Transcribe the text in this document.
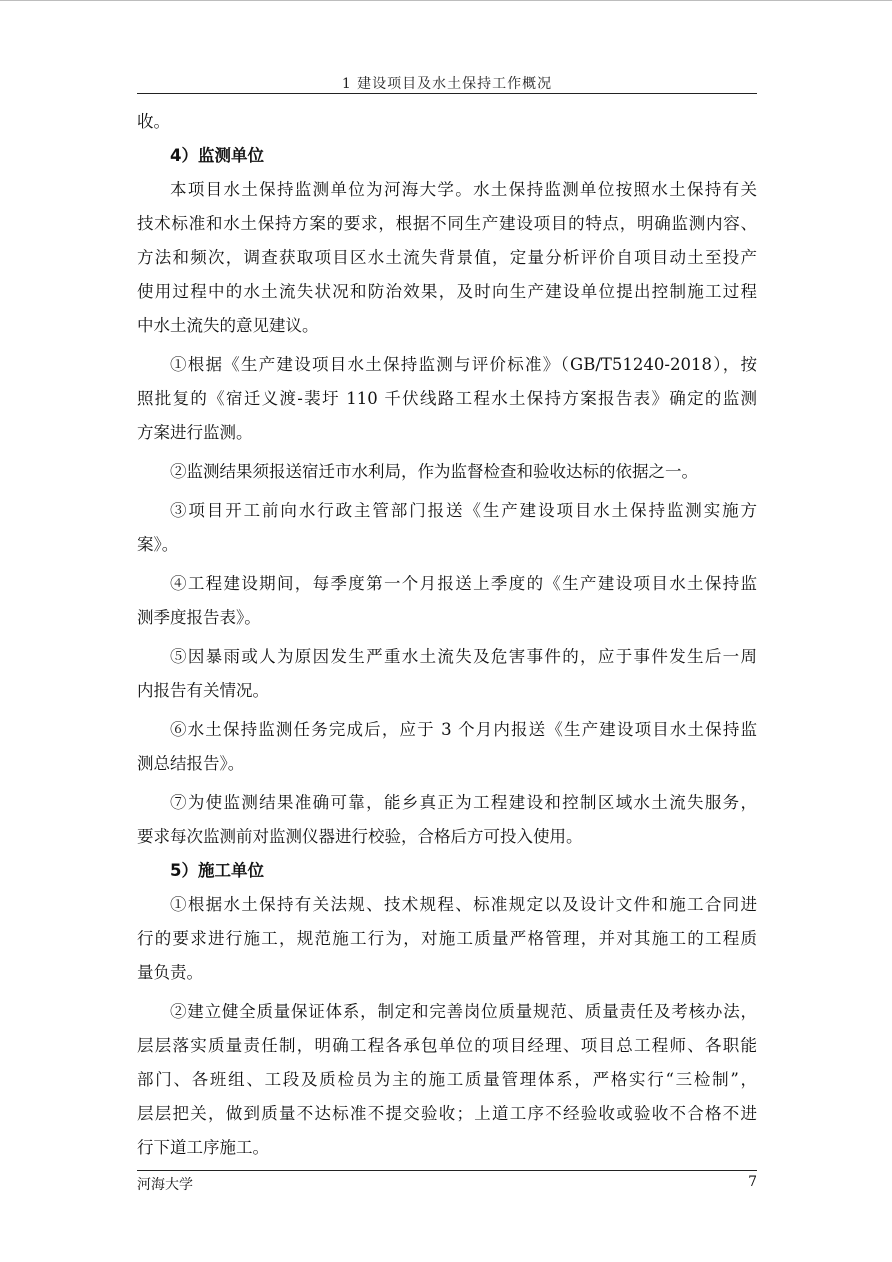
1 建设项目及水土保持工作概况
收。
4）监测单位
本项目水土保持监测单位为河海大学。水土保持监测单位按照水土保持有关
技术标准和水土保持方案的要求，根据不同生产建设项目的特点，明确监测内容、
方法和频次，调查获取项目区水土流失背景值，定量分析评价自项目动土至投产
使用过程中的水土流失状况和防治效果，及时向生产建设单位提出控制施工过程
中水土流失的意见建议。
①根据《生产建设项目水土保持监测与评价标准》（GB/T51240-2018），按
照批复的《宿迁义渡-裴圩 110 千伏线路工程水土保持方案报告表》确定的监测
方案进行监测。
②监测结果须报送宿迁市水利局，作为监督检查和验收达标的依据之一。
③项目开工前向水行政主管部门报送《生产建设项目水土保持监测实施方
案》。
④工程建设期间，每季度第一个月报送上季度的《生产建设项目水土保持监
测季度报告表》。
⑤因暴雨或人为原因发生严重水土流失及危害事件的，应于事件发生后一周
内报告有关情况。
⑥水土保持监测任务完成后，应于 3 个月内报送《生产建设项目水土保持监
测总结报告》。
⑦为使监测结果准确可靠，能乡真正为工程建设和控制区域水土流失服务，
要求每次监测前对监测仪器进行校验，合格后方可投入使用。
5）施工单位
①根据水土保持有关法规、技术规程、标准规定以及设计文件和施工合同进
行的要求进行施工，规范施工行为，对施工质量严格管理，并对其施工的工程质
量负责。
②建立健全质量保证体系，制定和完善岗位质量规范、质量责任及考核办法，
层层落实质量责任制，明确工程各承包单位的项目经理、项目总工程师、各职能
部门、各班组、工段及质检员为主的施工质量管理体系，严格实行“三检制”，
层层把关，做到质量不达标准不提交验收；上道工序不经验收或验收不合格不进
行下道工序施工。
河海大学	7
